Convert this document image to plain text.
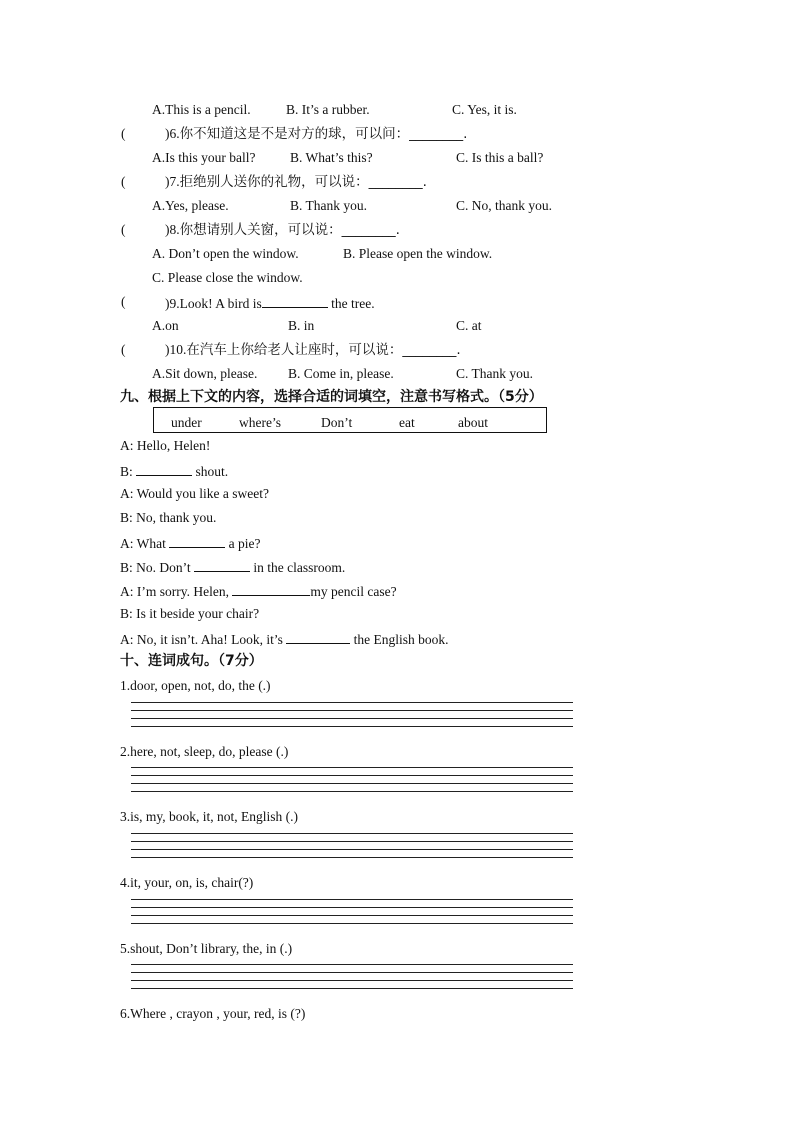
A.This is a pencil.	B. It’s a rubber.	C. Yes, it is.
(	)6.你不知道这是不是对方的球，可以问：________.
A.Is this your ball?	B. What’s this?	C. Is this a ball?
(	)7.拒绝别人送你的礼物，可以说：________.
A.Yes, please.	B. Thank you.	C. No, thank you.
(	)8.你想请别人关窗，可以说：________.
A. Don’t open the window.	B. Please open the window.
C. Please close the window.
(	)9.Look! A bird is	the tree.
A.on	B. in	C. at
(	)10.在汽车上你给老人让座时，可以说：________.
A.Sit down, please. B. Come in, please.	C. Thank you.
九、根据上下文的内容，选择合适的词填空，注意书写格式。（5分）
under	where’s	Don’t	eat	about
A: Hello, Helen!
B:	shout.
A: Would you like a sweet?
B: No, thank you.
A: What	a pie?
B: No. Don’t	in the classroom.
A: I’m sorry. Helen,	my pencil case?
B: Is it beside your chair?
A: No, it isn’t. Aha! Look, it’s	the English book.
十、连词成句。（7分）
1.door, open, not, do, the (.)
2.here, not, sleep, do, please (.)
3.is, my, book, it, not, English (.)
4.it, your, on, is, chair(?)
5.shout, Don’t library, the, in (.)
6.Where , crayon , your, red, is (?)
